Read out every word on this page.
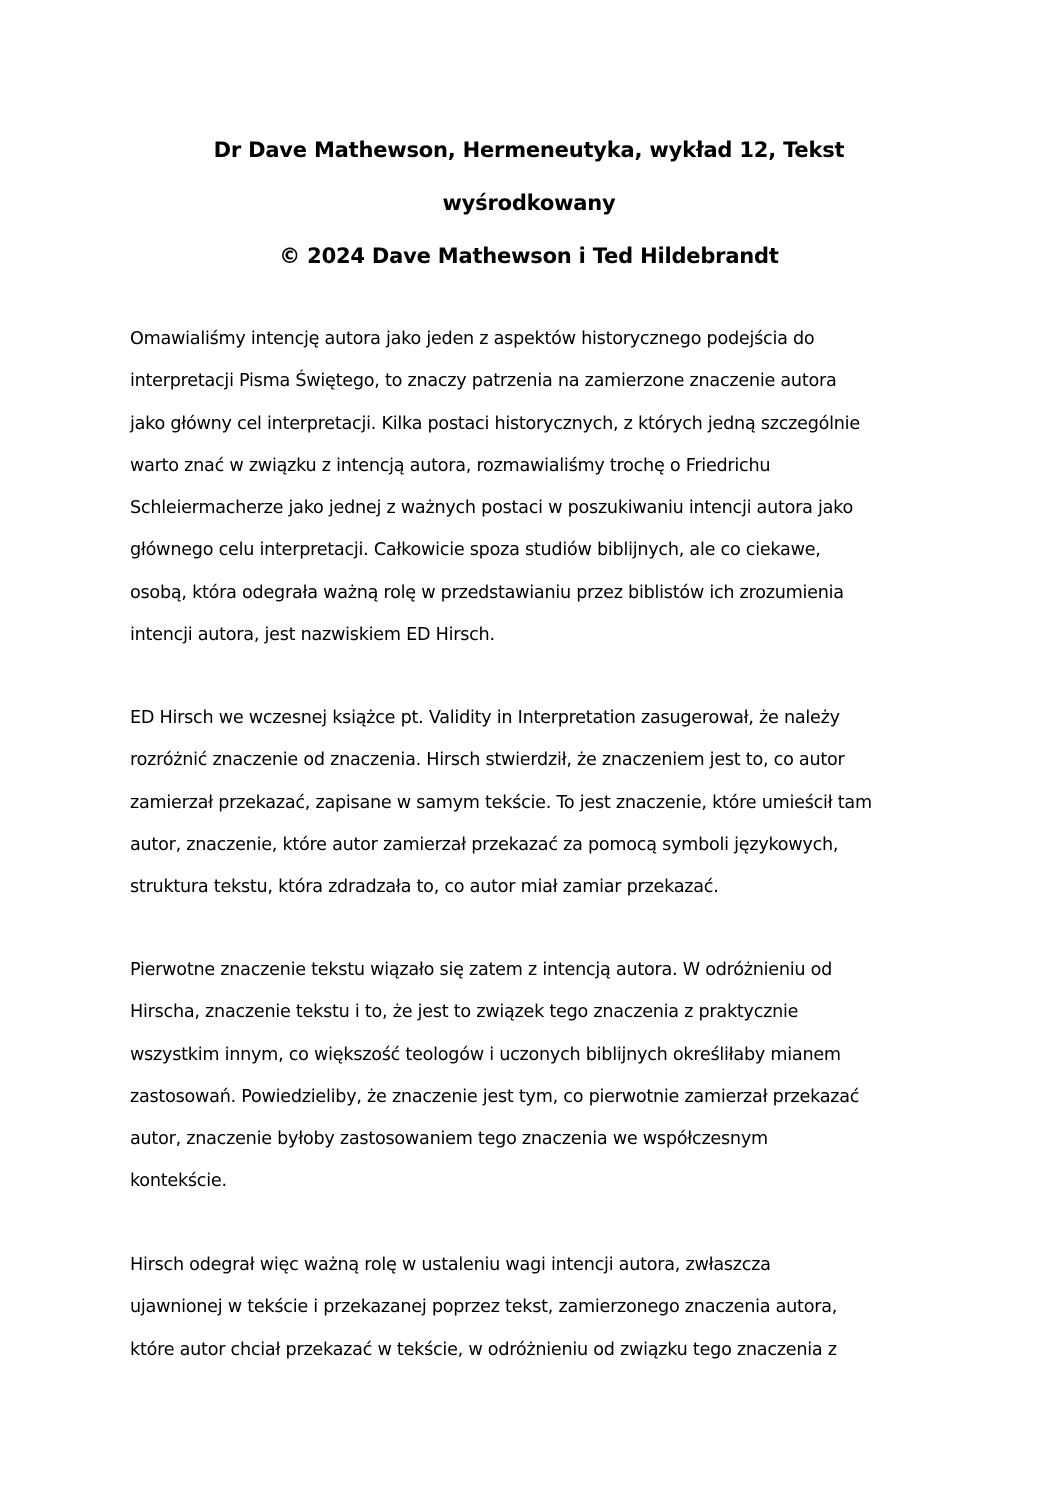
Dr Dave Mathewson, Hermeneutyka, wykład 12, Tekst
wyśrodkowany
© 2024 Dave Mathewson i Ted Hildebrandt
Omawialiśmy intencję autora jako jeden z aspektów historycznego podejścia do
interpretacji Pisma Świętego, to znaczy patrzenia na zamierzone znaczenie autora
jako główny cel interpretacji. Kilka postaci historycznych, z których jedną szczególnie
warto znać w związku z intencją autora, rozmawialiśmy trochę o Friedrichu
Schleiermacherze jako jednej z ważnych postaci w poszukiwaniu intencji autora jako
głównego celu interpretacji. Całkowicie spoza studiów biblijnych, ale co ciekawe,
osobą, która odegrała ważną rolę w przedstawianiu przez biblistów ich zrozumienia
intencji autora, jest nazwiskiem ED Hirsch.
ED Hirsch we wczesnej książce pt. Validity in Interpretation zasugerował, że należy
rozróżnić znaczenie od znaczenia. Hirsch stwierdził, że znaczeniem jest to, co autor
zamierzał przekazać, zapisane w samym tekście. To jest znaczenie, które umieścił tam
autor, znaczenie, które autor zamierzał przekazać za pomocą symboli językowych,
struktura tekstu, która zdradzała to, co autor miał zamiar przekazać.
Pierwotne znaczenie tekstu wiązało się zatem z intencją autora. W odróżnieniu od
Hirscha, znaczenie tekstu i to, że jest to związek tego znaczenia z praktycznie
wszystkim innym, co większość teologów i uczonych biblijnych określiłaby mianem
zastosowań. Powiedzieliby, że znaczenie jest tym, co pierwotnie zamierzał przekazać
autor, znaczenie byłoby zastosowaniem tego znaczenia we współczesnym
kontekście.
Hirsch odegrał więc ważną rolę w ustaleniu wagi intencji autora, zwłaszcza
ujawnionej w tekście i przekazanej poprzez tekst, zamierzonego znaczenia autora,
które autor chciał przekazać w tekście, w odróżnieniu od związku tego znaczenia z
